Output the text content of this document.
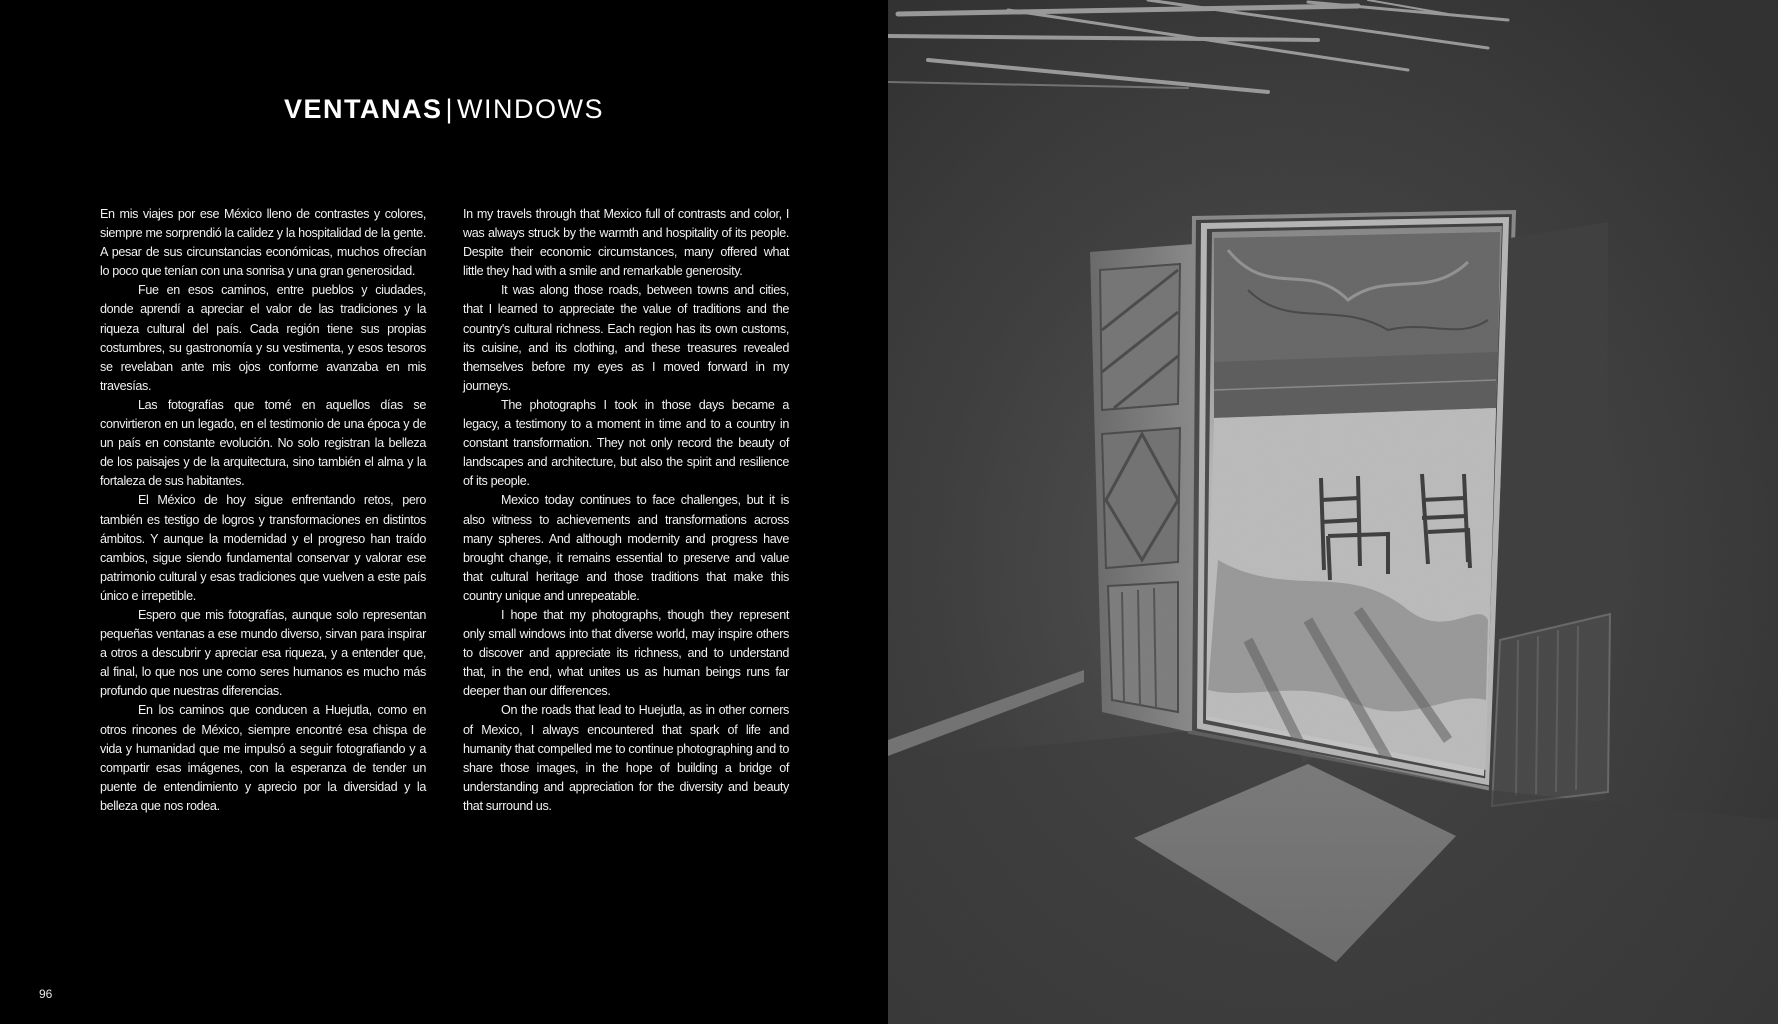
VENTANAS | WINDOWS

En mis viajes por ese México lleno de contrastes y colores, siempre me sorprendió la calidez y la hospitalidad de la gente. A pesar de sus circunstancias económicas, muchos ofrecían lo poco que tenían con una sonrisa y una gran generosidad.

Fue en esos caminos, entre pueblos y ciudades, donde aprendí a apreciar el valor de las tradiciones y la riqueza cultural del país. Cada región tiene sus propias costumbres, su gastronomía y su vestimenta, y esos tesoros se revelaban ante mis ojos conforme avanzaba en mis travesías.

Las fotografías que tomé en aquellos días se convirtieron en un legado, en el testimonio de una época y de un país en constante evolución. No solo registran la belleza de los paisajes y de la arquitectura, sino también el alma y la fortaleza de sus habitantes.

El México de hoy sigue enfrentando retos, pero también es testigo de logros y transformaciones en distintos ámbitos. Y aunque la modernidad y el progreso han traído cambios, sigue siendo fundamental conservar y valorar ese patrimonio cultural y esas tradiciones que vuelven a este país único e irrepetible.

Espero que mis fotografías, aunque solo representan pequeñas ventanas a ese mundo diverso, sirvan para inspirar a otros a descubrir y apreciar esa riqueza, y a entender que, al final, lo que nos une como seres humanos es mucho más profundo que nuestras diferencias.

En los caminos que conducen a Huejutla, como en otros rincones de México, siempre encontré esa chispa de vida y humanidad que me impulsó a seguir fotografiando y a compartir esas imágenes, con la esperanza de tender un puente de entendimiento y aprecio por la diversidad y la belleza que nos rodea.

In my travels through that Mexico full of contrasts and color, I was always struck by the warmth and hospitality of its people. Despite their economic circumstances, many offered what little they had with a smile and remarkable generosity.

It was along those roads, between towns and cities, that I learned to appreciate the value of traditions and the country's cultural richness. Each region has its own customs, its cuisine, and its clothing, and these treasures revealed themselves before my eyes as I moved forward in my journeys.

The photographs I took in those days became a legacy, a testimony to a moment in time and to a country in constant transformation. They not only record the beauty of landscapes and architecture, but also the spirit and resilience of its people.

Mexico today continues to face challenges, but it is also witness to achievements and transformations across many spheres. And although modernity and progress have brought change, it remains essential to preserve and value that cultural heritage and those traditions that make this country unique and unrepeatable.

I hope that my photographs, though they represent only small windows into that diverse world, may inspire others to discover and appreciate its richness, and to understand that, in the end, what unites us as human beings runs far deeper than our differences.

On the roads that lead to Huejutla, as in other corners of Mexico, I always encountered that spark of life and humanity that compelled me to continue photographing and to share those images, in the hope of building a bridge of understanding and appreciation for the diversity and beauty that surround us.

96
